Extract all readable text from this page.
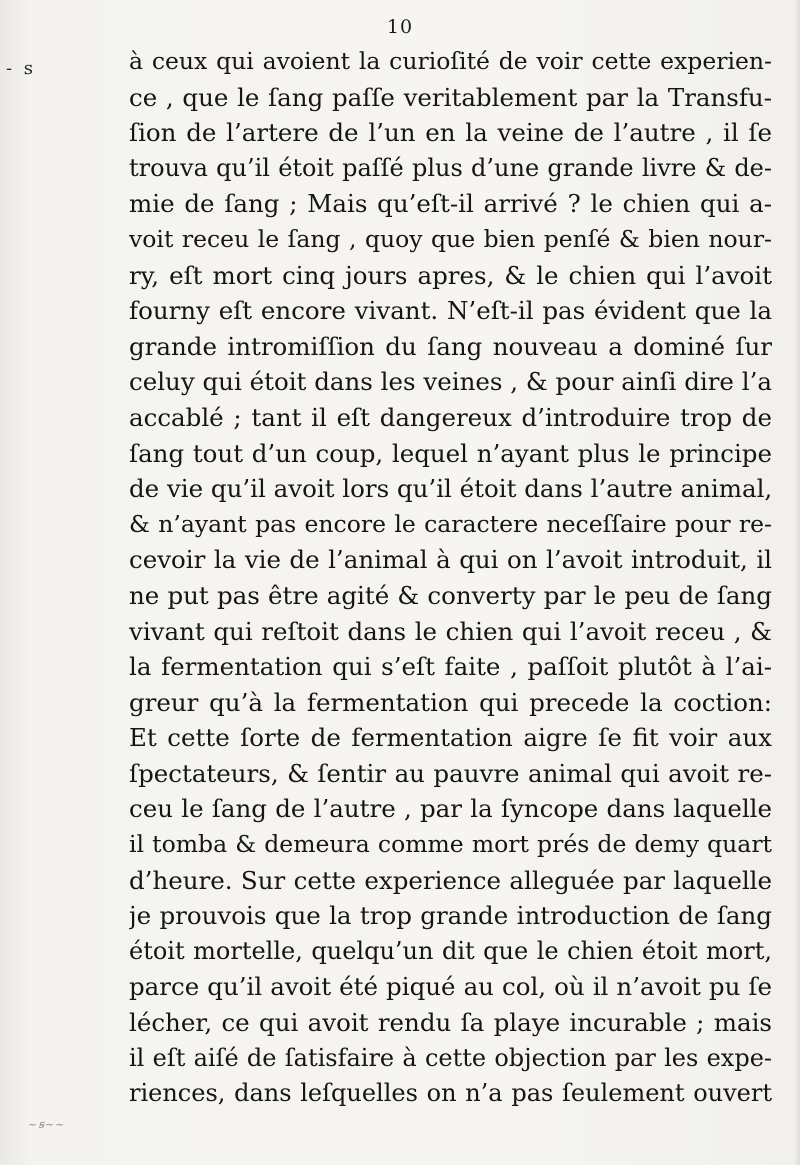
10
- ꜱ
~ꞩ~~
à ceux qui avoient la curioſité de voir cette experien-
ce , que le ſang paſſe veritablement par la Transfu-
ſion de l’artere de l’un en la veine de l’autre , il ſe
trouva qu’il étoit paſſé plus d’une grande livre & de-
mie de ſang ; Mais qu’eſt-il arrivé ? le chien qui a-
voit receu le ſang , quoy que bien penſé & bien nour-
ry, eſt mort cinq jours apres, & le chien qui l’avoit
fourny eſt encore vivant. N’eſt-il pas évident que la
grande intromiſſion du ſang nouveau a dominé ſur
celuy qui étoit dans les veines , & pour ainſi dire l’a
accablé ; tant il eſt dangereux d’introduire trop de
ſang tout d’un coup, lequel n’ayant plus le principe
de vie qu’il avoit lors qu’il étoit dans l’autre animal,
& n’ayant pas encore le caractere neceſſaire pour re-
cevoir la vie de l’animal à qui on l’avoit introduit, il
ne put pas être agité & converty par le peu de ſang
vivant qui reſtoit dans le chien qui l’avoit receu , &
la fermentation qui s’eſt faite , paſſoit plutôt à l’ai-
greur qu’à la fermentation qui precede la coction:
Et cette ſorte de fermentation aigre ſe fit voir aux
ſpectateurs, & ſentir au pauvre animal qui avoit re-
ceu le ſang de l’autre , par la ſyncope dans laquelle
il tomba & demeura comme mort prés de demy quart
d’heure. Sur cette experience alleguée par laquelle
je prouvois que la trop grande introduction de ſang
étoit mortelle, quelqu’un dit que le chien étoit mort,
parce qu’il avoit été piqué au col, où il n’avoit pu ſe
lécher, ce qui avoit rendu ſa playe incurable ; mais
il eſt aiſé de ſatisfaire à cette objection par les expe-
riences, dans leſquelles on n’a pas ſeulement ouvert
